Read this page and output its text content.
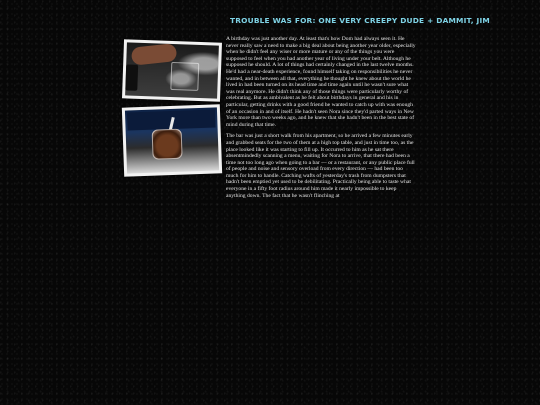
TROUBLE WAS FOR: ONE VERY CREEPY DUDE + DAMMIT, JIM

A birthday was just another day. At least that's how Dom had always seen it. He never really saw a need to make a big deal about being another year older, especially when he didn't feel any wiser or more mature or any of the things you were supposed to feel when you had another year of living under your belt. Although he supposed he should. A lot of things had certainly changed in the last twelve months. He'd had a near-death experience, found himself taking on responsibilities he never wanted, and in between all that, everything he thought he knew about the world he lived in had been turned on its head time and time again until he wasn't sure what was real anymore. He didn't think any of those things were particularly worthy of celebrating. But as ambivalent as he felt about birthdays in general and his in particular, getting drinks with a good friend he wanted to catch up with was enough of an occasion in and of itself. He hadn't seen Nora since they'd parted ways in New York more than two weeks ago, and he knew that she hadn't been in the best state of mind during that time.

The bar was just a short walk from his apartment, so he arrived a few minutes early and grabbed seats for the two of them at a high top table, and just in time too, as the place looked like it was starting to fill up. It occurred to him as he sat there absentmindedly scanning a menu, waiting for Nora to arrive, that there had been a time not too long ago when going to a bar — or a restaurant, or any public place full of people and noise and sensory overload from every direction — had been too much for him to handle. Catching wafts of yesterday's trash from dumpsters that hadn't been emptied yet used to be debilitating. Practically being able to taste what everyone in a fifty foot radius around him made it nearly impossible to keep anything down. The fact that he wasn't flinching at
